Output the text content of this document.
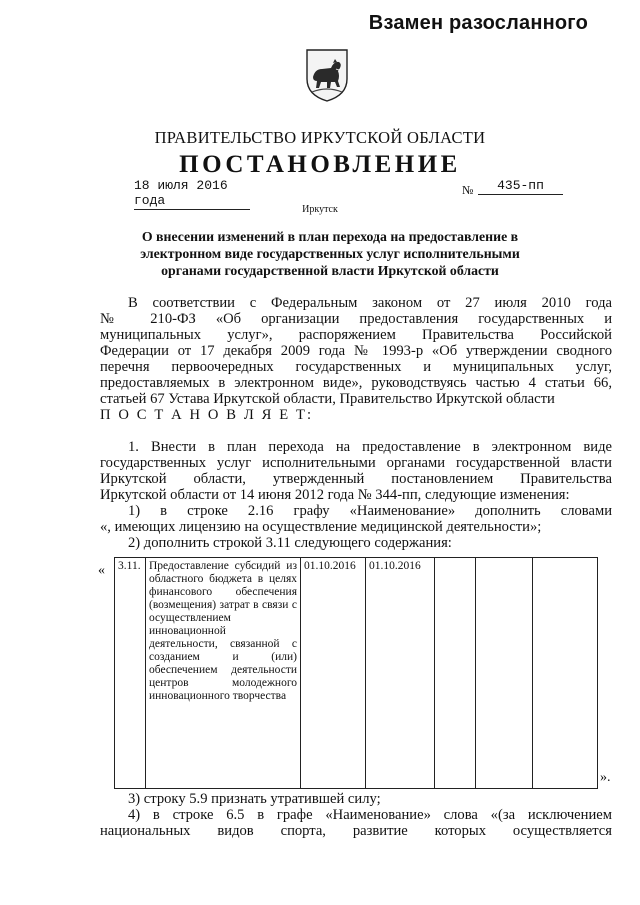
Взамен разосланного
ПРАВИТЕЛЬСТВО ИРКУТСКОЙ ОБЛАСТИ
ПОСТАНОВЛЕНИЕ
18 июля 2016 года
№	435-пп
Иркутск
О внесении изменений в план перехода на предоставление в электронном виде государственных услуг исполнительными органами государственной власти Иркутской области
В соответствии с Федеральным законом от 27 июля 2010 года
№ 210-ФЗ «Об организации предоставления государственных и
муниципальных услуг», распоряжением Правительства Российской
Федерации от 17 декабря 2009 года № 1993-р «Об утверждении сводного
перечня первоочередных государственных и муниципальных услуг,
предоставляемых в электронном виде», руководствуясь частью 4 статьи 66,
статьей 67 Устава Иркутской области, Правительство Иркутской области
П О С Т А Н О В Л Я Е Т:
1. Внести в план перехода на предоставление в электронном виде
государственных услуг исполнительными органами государственной власти
Иркутской области, утвержденный постановлением Правительства
Иркутской области от 14 июня 2012 года № 344-пп, следующие изменения:
1) в строке 2.16 графу «Наименование» дополнить словами
«, имеющих лицензию на осуществление медицинской деятельности»;
2) дополнить строкой 3.11 следующего содержания:
« 3.11.	Предоставление субсидий из областного бюджета в целях финансового обеспечения (возмещения) затрат в связи с осуществлением инновационной деятельности, связанной с созданием и (или) обеспечением деятельности центров молодежного инновационного творчества	01.10.2016	01.10.2016			
».
3) строку 5.9 признать утратившей силу;
4) в строке 6.5 в графе «Наименование» слова «(за исключением
национальных видов спорта, развитие которых осуществляется
